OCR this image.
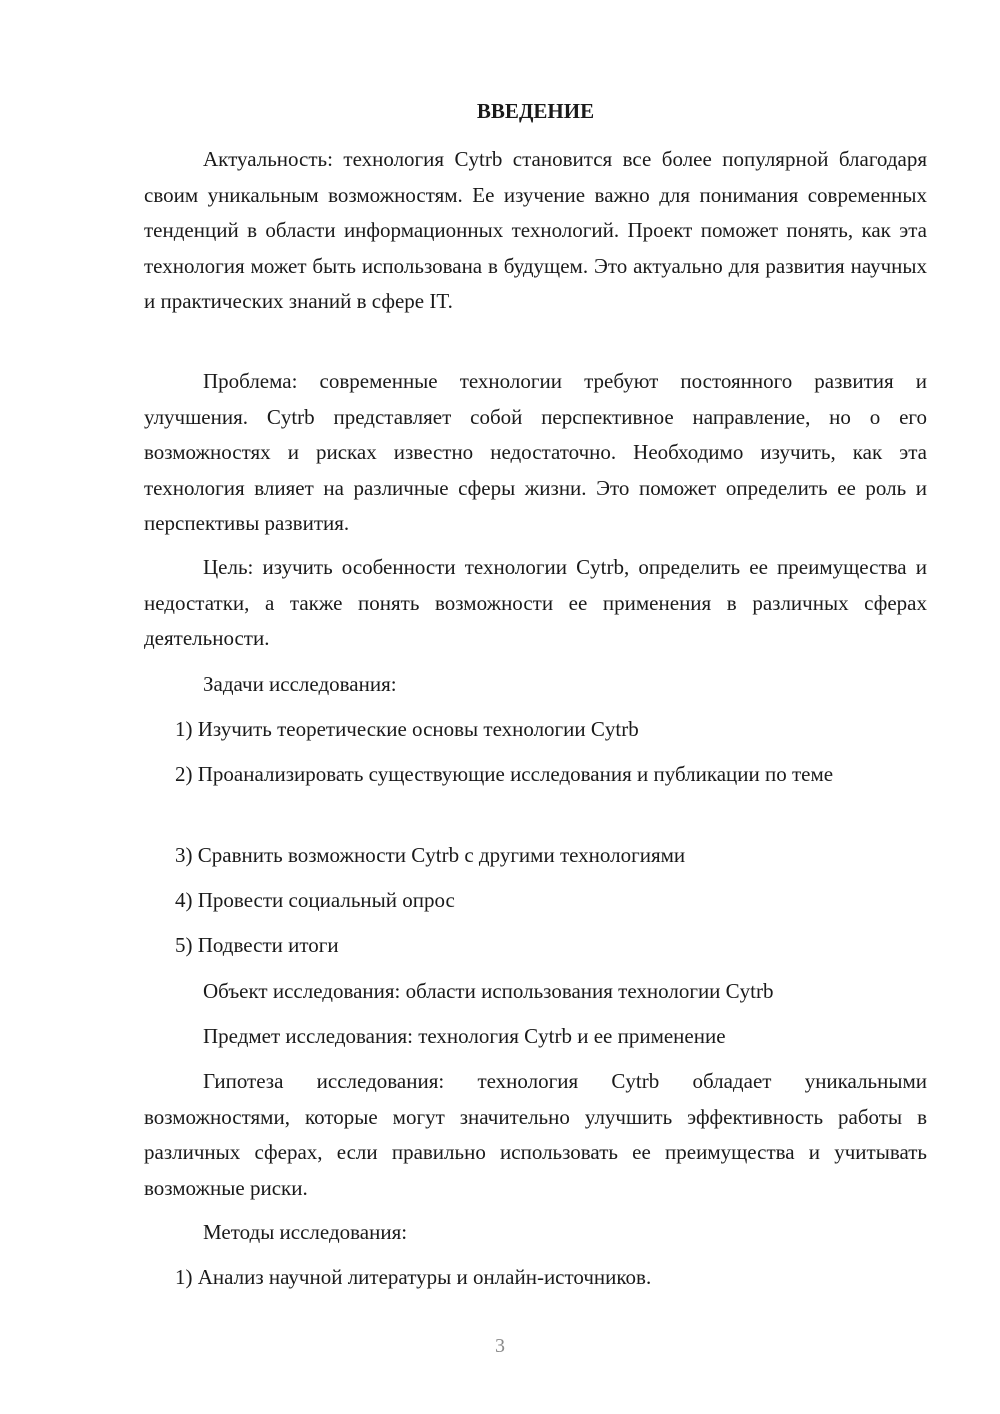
ВВЕДЕНИЕ

Актуальность: технология Cytrb становится все более популярной благодаря своим уникальным возможностям. Ее изучение важно для понимания современных тенденций в области информационных технологий. Проект поможет понять, как эта технология может быть использована в будущем. Это актуально для развития научных и практических знаний в сфере IT.

Проблема: современные технологии требуют постоянного развития и улучшения. Cytrb представляет собой перспективное направление, но о его возможностях и рисках известно недостаточно. Необходимо изучить, как эта технология влияет на различные сферы жизни. Это поможет определить ее роль и перспективы развития.

Цель: изучить особенности технологии Cytrb, определить ее преимущества и недостатки, а также понять возможности ее применения в различных сферах деятельности.

Задачи исследования:

1) Изучить теоретические основы технологии Cytrb

2) Проанализировать существующие исследования и публикации по теме

3) Сравнить возможности Cytrb с другими технологиями

4) Провести социальный опрос

5) Подвести итоги

Объект исследования: области использования технологии Cytrb

Предмет исследования: технология Cytrb и ее применение

Гипотеза исследования: технология Cytrb обладает уникальными возможностями, которые могут значительно улучшить эффективность работы в различных сферах, если правильно использовать ее преимущества и учитывать возможные риски.

Методы исследования:

1) Анализ научной литературы и онлайн-источников.

3
